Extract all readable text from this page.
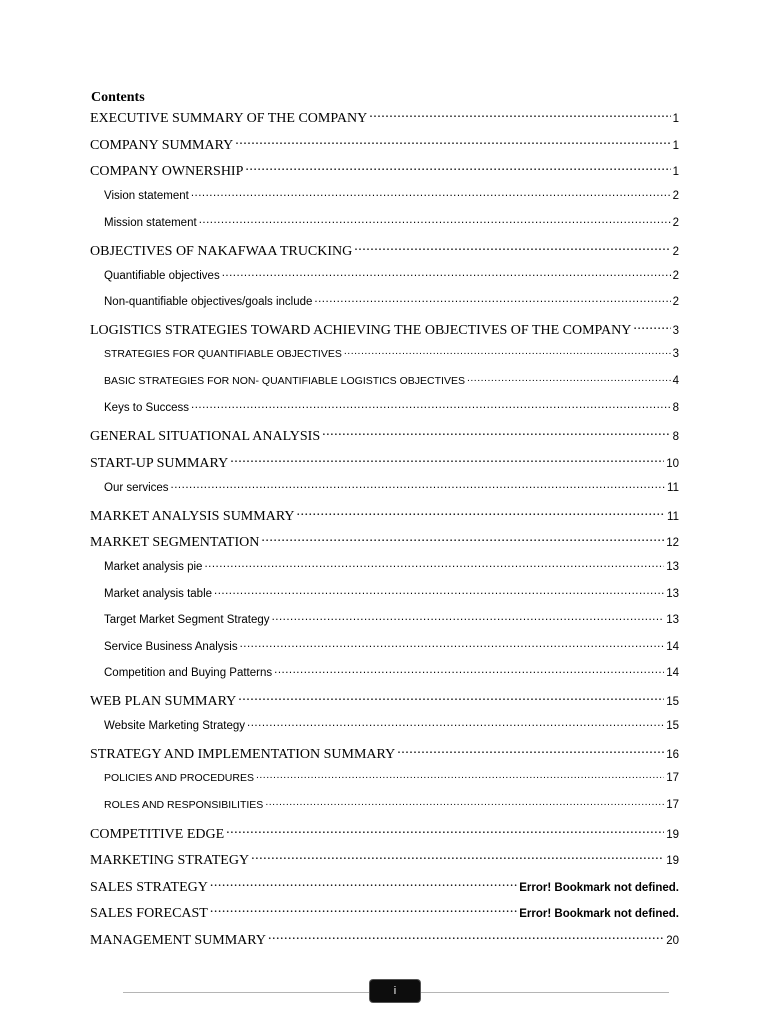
Contents
EXECUTIVE SUMMARY OF THE COMPANY .....	1
COMPANY SUMMARY .....	1
COMPANY OWNERSHIP .....	1
Vision statement .....	2
Mission statement .....	2
OBJECTIVES OF NAKAFWAA TRUCKING .....	2
Quantifiable objectives .....	2
Non-quantifiable objectives/goals include .....	2
LOGISTICS STRATEGIES TOWARD ACHIEVING THE OBJECTIVES OF THE COMPANY .....	3
STRATEGIES FOR QUANTIFIABLE OBJECTIVES .....	3
BASIC STRATEGIES FOR NON- QUANTIFIABLE LOGISTICS OBJECTIVES .....	4
Keys to Success .....	8
GENERAL SITUATIONAL ANALYSIS .....	8
START-UP SUMMARY .....	10
Our services .....	11
MARKET ANALYSIS SUMMARY .....	11
MARKET SEGMENTATION .....	12
Market analysis pie .....	13
Market analysis table .....	13
Target Market Segment Strategy .....	13
Service Business Analysis .....	14
Competition and Buying Patterns .....	14
WEB PLAN SUMMARY .....	15
Website Marketing Strategy .....	15
STRATEGY AND IMPLEMENTATION SUMMARY .....	16
POLICIES AND PROCEDURES .....	17
ROLES AND RESPONSIBILITIES .....	17
COMPETITIVE EDGE .....	19
MARKETING STRATEGY .....	19
SALES STRATEGY .....	Error! Bookmark not defined.
SALES FORECAST .....	Error! Bookmark not defined.
MANAGEMENT SUMMARY .....	20
i
